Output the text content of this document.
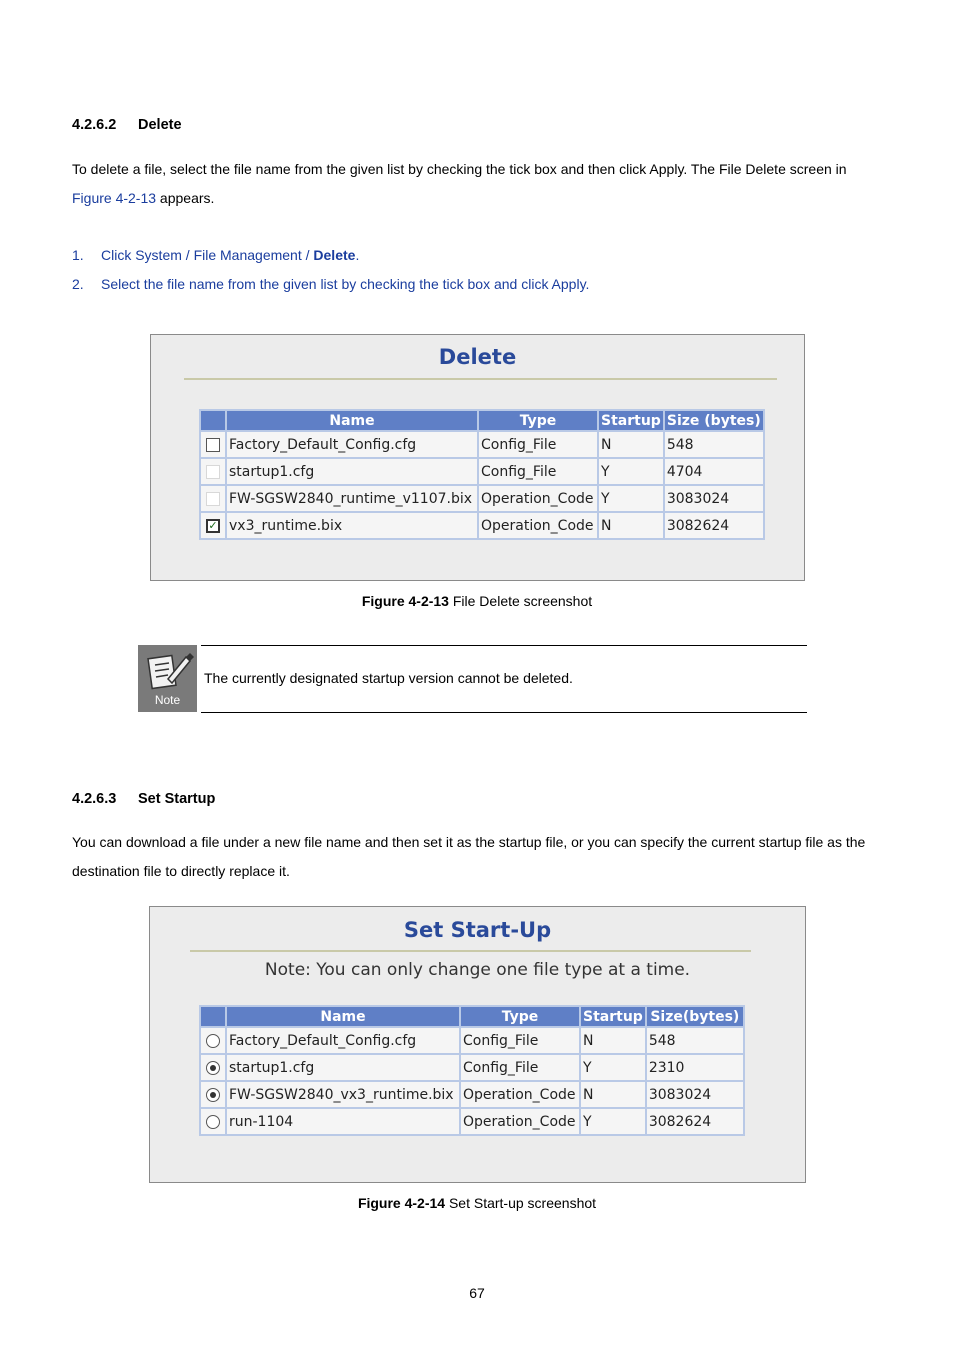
4.2.6.2 Delete
To delete a file, select the file name from the given list by checking the tick box and then click Apply. The File Delete screen in Figure 4-2-13 appears.
1. Click System / File Management / Delete.
2. Select the file name from the given list by checking the tick box and click Apply.
Delete
	Name	Type	Startup	Size (bytes)
	Factory_Default_Config.cfg	Config_File	N	548
	startup1.cfg	Config_File	Y	4704
	FW-SGSW2840_runtime_v1107.bix	Operation_Code	Y	3083024
✓	vx3_runtime.bix	Operation_Code	N	3082624
Figure 4-2-13 File Delete screenshot
Note
The currently designated startup version cannot be deleted.
4.2.6.3 Set Startup
You can download a file under a new file name and then set it as the startup file, or you can specify the current startup file as the destination file to directly replace it.
Set Start-Up
Note: You can only change one file type at a time.
	Name	Type	Startup	Size(bytes)
	Factory_Default_Config.cfg	Config_File	N	548
	startup1.cfg	Config_File	Y	2310
	FW-SGSW2840_vx3_runtime.bix	Operation_Code	N	3083024
	run-1104	Operation_Code	Y	3082624
Figure 4-2-14 Set Start-up screenshot
67
